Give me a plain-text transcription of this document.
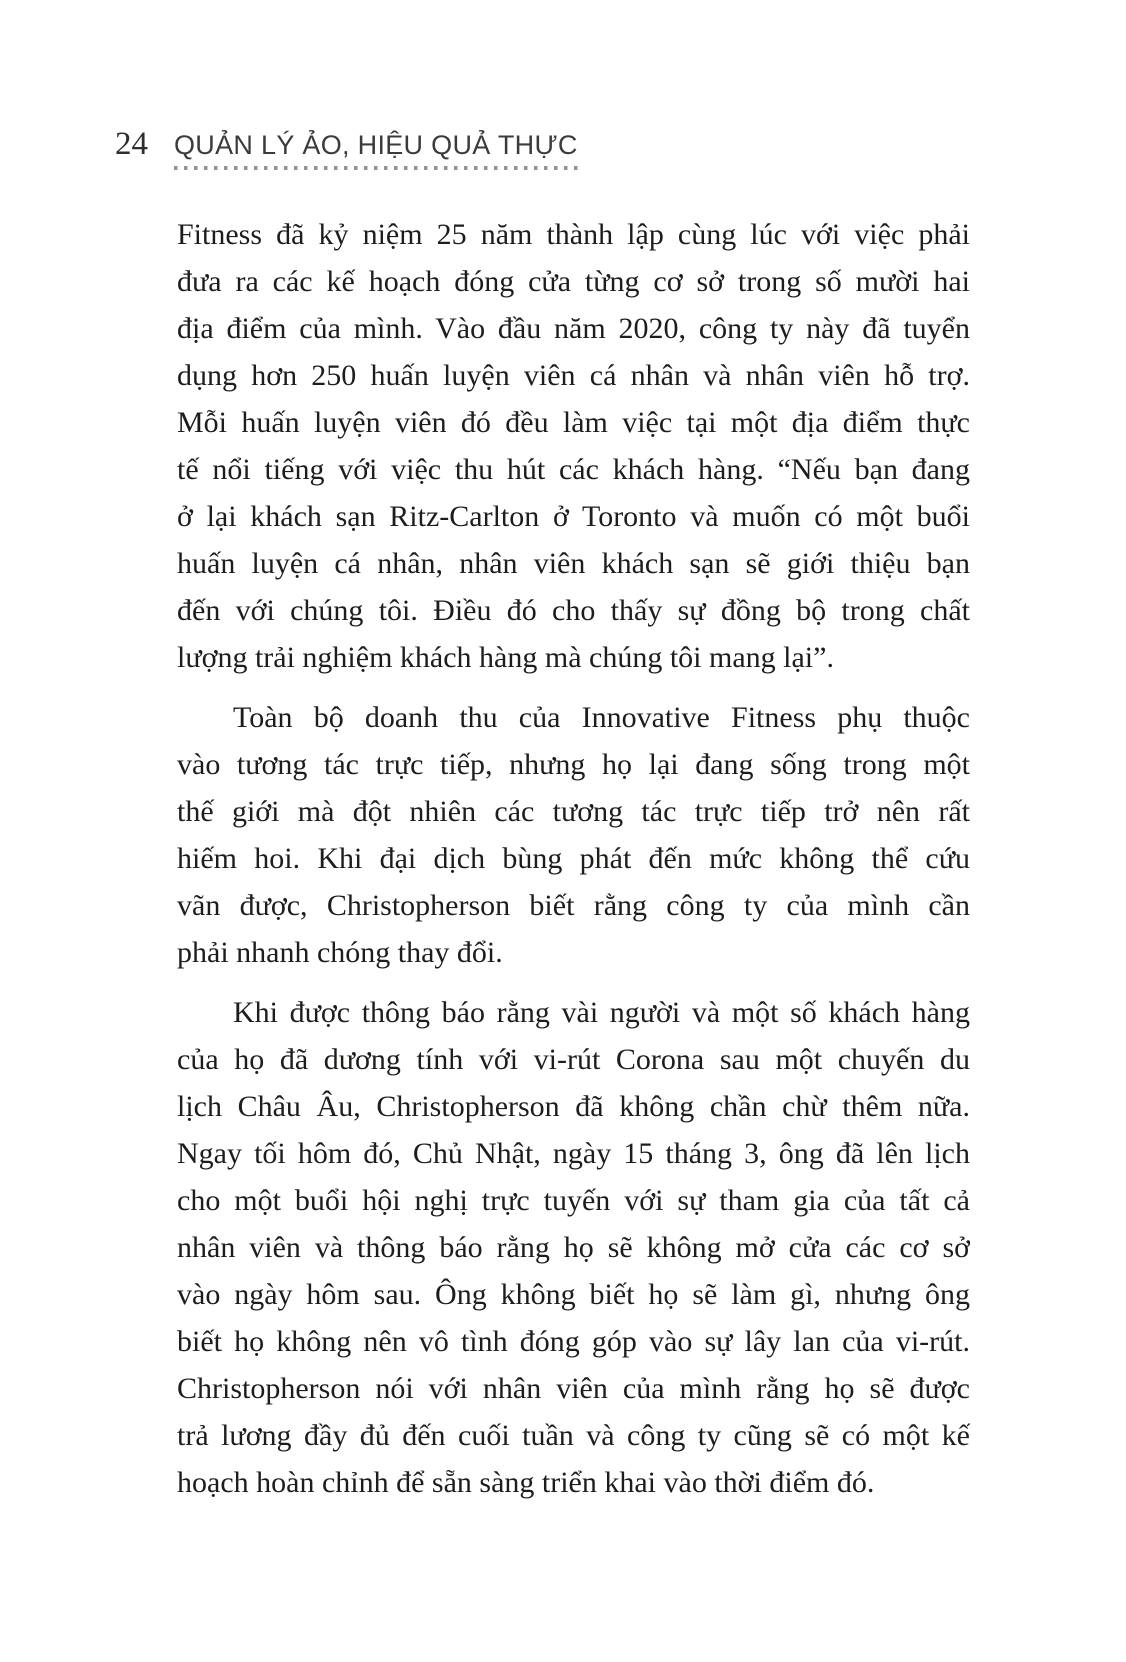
24 QUẢN LÝ ẢO, HIỆU QUẢ THỰC
Fitness đã kỷ niệm 25 năm thành lập cùng lúc với việc phải
đưa ra các kế hoạch đóng cửa từng cơ sở trong số mười hai
địa điểm của mình. Vào đầu năm 2020, công ty này đã tuyển
dụng hơn 250 huấn luyện viên cá nhân và nhân viên hỗ trợ.
Mỗi huấn luyện viên đó đều làm việc tại một địa điểm thực
tế nổi tiếng với việc thu hút các khách hàng. “Nếu bạn đang
ở lại khách sạn Ritz-Carlton ở Toronto và muốn có một buổi
huấn luyện cá nhân, nhân viên khách sạn sẽ giới thiệu bạn
đến với chúng tôi. Điều đó cho thấy sự đồng bộ trong chất
lượng trải nghiệm khách hàng mà chúng tôi mang lại”.
Toàn bộ doanh thu của Innovative Fitness phụ thuộc
vào tương tác trực tiếp, nhưng họ lại đang sống trong một
thế giới mà đột nhiên các tương tác trực tiếp trở nên rất
hiếm hoi. Khi đại dịch bùng phát đến mức không thể cứu
vãn được, Christopherson biết rằng công ty của mình cần
phải nhanh chóng thay đổi.
Khi được thông báo rằng vài người và một số khách hàng
của họ đã dương tính với vi-rút Corona sau một chuyến du
lịch Châu Âu, Christopherson đã không chần chừ thêm nữa.
Ngay tối hôm đó, Chủ Nhật, ngày 15 tháng 3, ông đã lên lịch
cho một buổi hội nghị trực tuyến với sự tham gia của tất cả
nhân viên và thông báo rằng họ sẽ không mở cửa các cơ sở
vào ngày hôm sau. Ông không biết họ sẽ làm gì, nhưng ông
biết họ không nên vô tình đóng góp vào sự lây lan của vi-rút.
Christopherson nói với nhân viên của mình rằng họ sẽ được
trả lương đầy đủ đến cuối tuần và công ty cũng sẽ có một kế
hoạch hoàn chỉnh để sẵn sàng triển khai vào thời điểm đó.
